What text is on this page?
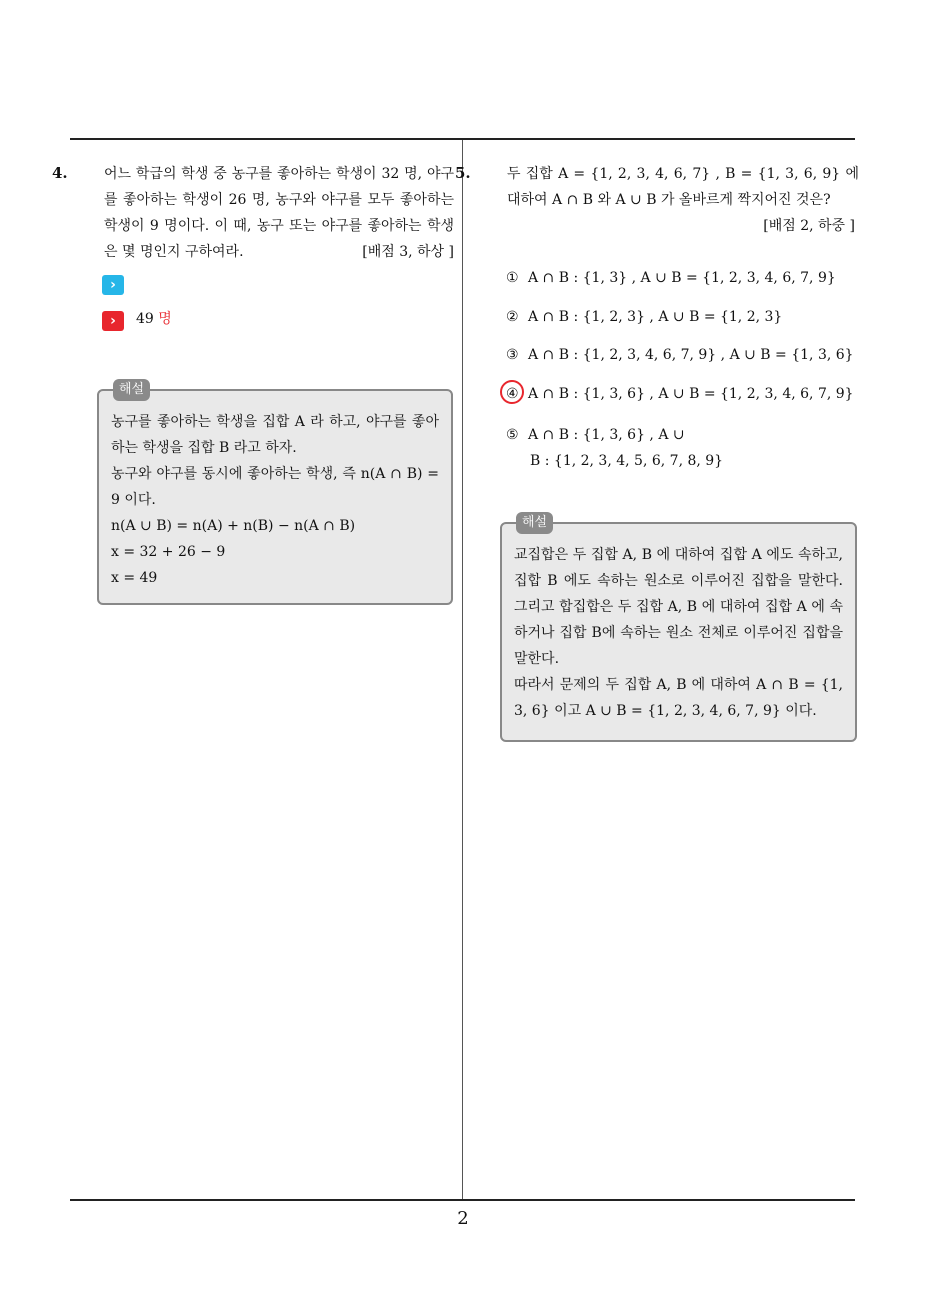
2
4.	어느 학급의 학생 중 농구를 좋아하는 학생이 32 명, 야구를 좋아하는 학생이 26 명, 농구와 야구를 모두 좋아하는 학생이 9 명이다. 이 때, 농구 또는 야구를 좋아하는 학생은 몇 명인지 구하여라.	[배점 3, 하상 ]
›
›	49 명
해설
농구를 좋아하는 학생을 집합 A 라 하고, 야구를 좋아하는 학생을 집합 B 라고 하자.
농구와 야구를 동시에 좋아하는 학생, 즉 n(A ∩ B) = 9 이다.
n(A ∪ B) = n(A) + n(B) − n(A ∩ B)
x = 32 + 26 − 9
x = 49
5.	두 집합 A = {1, 2, 3, 4, 6, 7} , B = {1, 3, 6, 9} 에 대하여 A ∩ B 와 A ∪ B 가 올바르게 짝지어진 것은?
[배점 2, 하중 ]
① A ∩ B : {1, 3} , A ∪ B = {1, 2, 3, 4, 6, 7, 9}
② A ∩ B : {1, 2, 3} , A ∪ B = {1, 2, 3}
③ A ∩ B : {1, 2, 3, 4, 6, 7, 9} , A ∪ B = {1, 3, 6}
④ A ∩ B : {1, 3, 6} , A ∪ B = {1, 2, 3, 4, 6, 7, 9}
⑤ A ∩ B : {1, 3, 6} , A ∪
B : {1, 2, 3, 4, 5, 6, 7, 8, 9}
해설
교집합은 두 집합 A, B 에 대하여 집합 A 에도 속하고, 집합 B 에도 속하는 원소로 이루어진 집합을 말한다. 그리고 합집합은 두 집합 A, B 에 대하여 집합 A 에 속하거나 집합 B에 속하는 원소 전체로 이루어진 집합을 말한다.
따라서 문제의 두 집합 A, B 에 대하여 A ∩ B = {1, 3, 6} 이고 A ∪ B = {1, 2, 3, 4, 6, 7, 9} 이다.
